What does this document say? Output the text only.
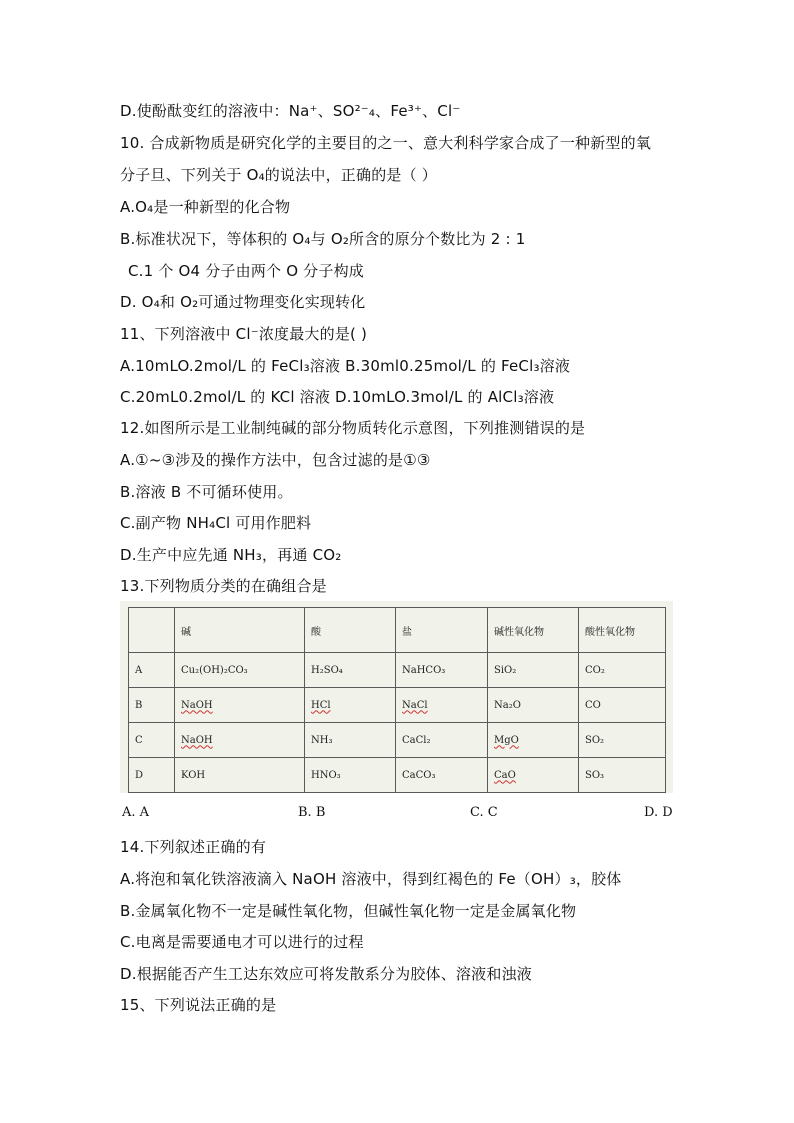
D.使酚酞变红的溶液中：Na⁺、SO²⁻₄、Fe³⁺、Cl⁻
10. 合成新物质是研究化学的主要目的之一、意大利科学家合成了一种新型的氧
分子旦、下列关于 O₄的说法中，正确的是（ ）
A.O₄是一种新型的化合物
B.标准状况下，等体积的 O₄与 O₂所含的原分个数比为 2 : 1
C.1 个 O4 分子由两个 O 分子构成
D. O₄和 O₂可通过物理变化实现转化
11、下列溶液中 Cl⁻浓度最大的是( )
A.10mLO.2mol/L 的 FeCl₃溶液 B.30ml0.25mol/L 的 FeCl₃溶液
C.20mL0.2mol/L 的 KCl 溶液 D.10mLO.3mol/L 的 AlCl₃溶液
12.如图所示是工业制纯碱的部分物质转化示意图，下列推测错误的是
A.①~③涉及的操作方法中，包含过滤的是①③
B.溶液 B 不可循环使用。
C.副产物 NH₄Cl 可用作肥料
D.生产中应先通 NH₃，再通 CO₂
13.下列物质分类的在确组合是
	碱	酸	盐	碱性氧化物	酸性氧化物
A	Cu₂(OH)₂CO₃	H₂SO₄	NaHCO₃	SiO₂	CO₂
B	NaOH	HCl	NaCl	Na₂O	CO
C	NaOH	NH₃	CaCl₂	MgO	SO₂
D	KOH	HNO₃	CaCO₃	CaO	SO₃
A. A	B. B	C. C	D. D
14.下列叙述正确的有
A.将泡和氧化铁溶液滴入 NaOH 溶液中，得到红褐色的 Fe（OH）₃，胶体
B.金属氧化物不一定是碱性氧化物，但碱性氧化物一定是金属氧化物
C.电离是需要通电才可以进行的过程
D.根据能否产生工达东效应可将发散系分为胶体、溶液和浊液
15、下列说法正确的是
